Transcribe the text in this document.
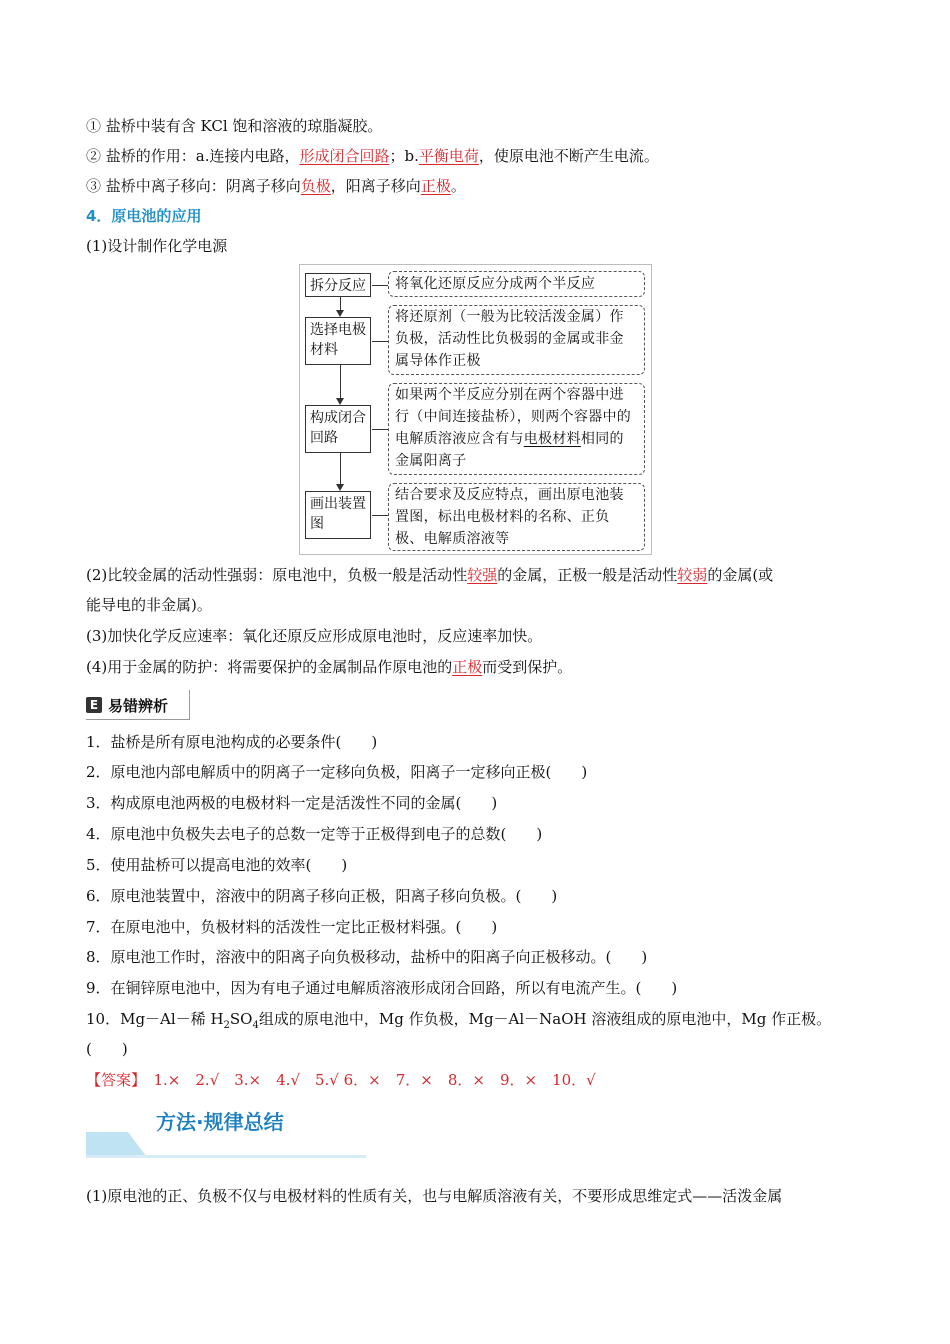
① 盐桥中装有含 KCl 饱和溶液的琼脂凝胶。
② 盐桥的作用：a.连接内电路，形成闭合回路；b.平衡电荷，使原电池不断产生电流。
③ 盐桥中离子移向：阴离子移向负极，阳离子移向正极。
4．原电池的应用
(1)设计制作化学电源
拆分反应
选择电极材料
构成闭合回路
画出装置图
将氧化还原反应分成两个半反应
将还原剂（一般为比较活泼金属）作负极，活动性比负极弱的金属或非金属导体作正极
如果两个半反应分别在两个容器中进行（中间连接盐桥），则两个容器中的电解质溶液应含有与电极材料相同的金属阳离子
结合要求及反应特点，画出原电池装置图，标出电极材料的名称、正负极、电解质溶液等
(2)比较金属的活动性强弱：原电池中，负极一般是活动性较强的金属，正极一般是活动性较弱的金属(或
能导电的非金属)。
(3)加快化学反应速率：氧化还原反应形成原电池时，反应速率加快。
(4)用于金属的防护：将需要保护的金属制品作原电池的正极而受到保护。
E 易错辨析
1．盐桥是所有原电池构成的必要条件(　　)
2．原电池内部电解质中的阴离子一定移向负极，阳离子一定移向正极(　　)
3．构成原电池两极的电极材料一定是活泼性不同的金属(　　)
4．原电池中负极失去电子的总数一定等于正极得到电子的总数(　　)
5．使用盐桥可以提高电池的效率(　　)
6．原电池装置中，溶液中的阴离子移向正极，阳离子移向负极。(　　)
7．在原电池中，负极材料的活泼性一定比正极材料强。(　　)
8．原电池工作时，溶液中的阳离子向负极移动，盐桥中的阳离子向正极移动。(　　)
9．在铜锌原电池中，因为有电子通过电解质溶液形成闭合回路，所以有电流产生。(　　)
10．Mg－Al－稀 $H_2SO_4$组成的原电池中，Mg 作负极，Mg－Al－NaOH 溶液组成的原电池中，Mg 作正极。
(　　)
【答案】　1.×　2.√　3.×　4.√　5.√ 6．×　7．×　8．×　9．×　10．√
方法·规律总结
(1)原电池的正、负极不仅与电极材料的性质有关，也与电解质溶液有关，不要形成思维定式——活泼金属
